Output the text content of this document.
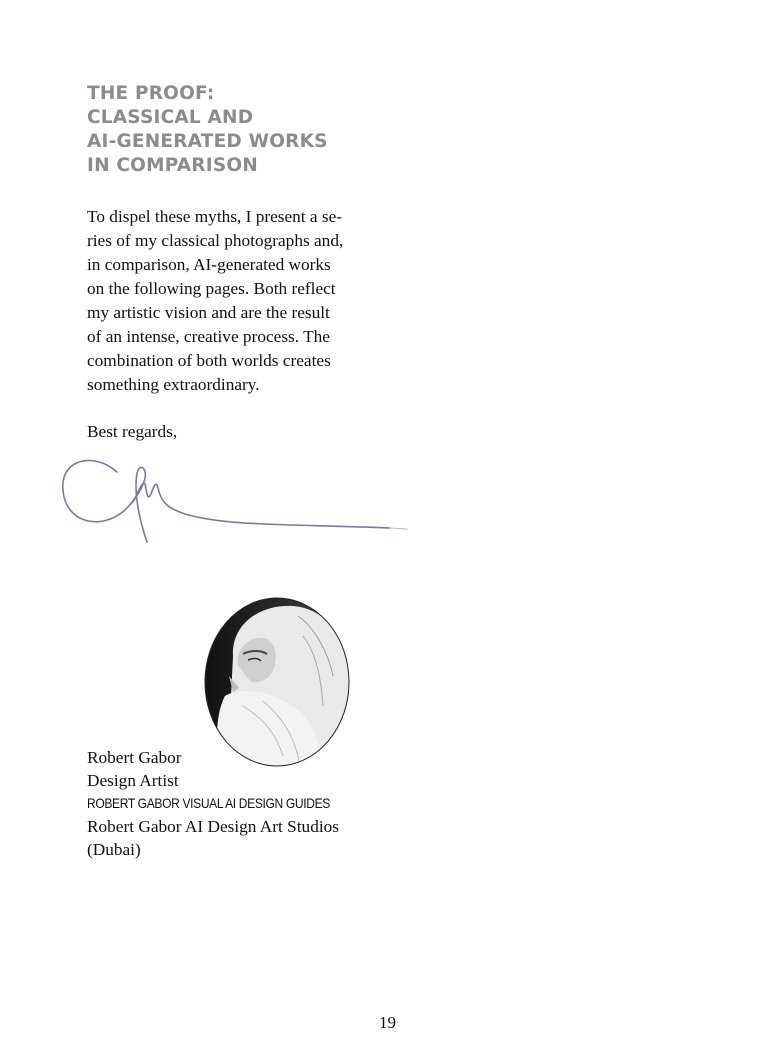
THE PROOF:
CLASSICAL AND
AI-GENERATED WORKS
IN COMPARISON
To dispel these myths, I present a se-
ries of my classical photographs and,
in comparison, AI-generated works
on the following pages. Both reflect
my artistic vision and are the result
of an intense, creative process. The
combination of both worlds creates
something extraordinary.
Best regards,
Robert Gabor
Design Artist
ROBERT GABOR VISUAL AI DESIGN GUIDES
Robert Gabor AI Design Art Studios
(Dubai)
19
